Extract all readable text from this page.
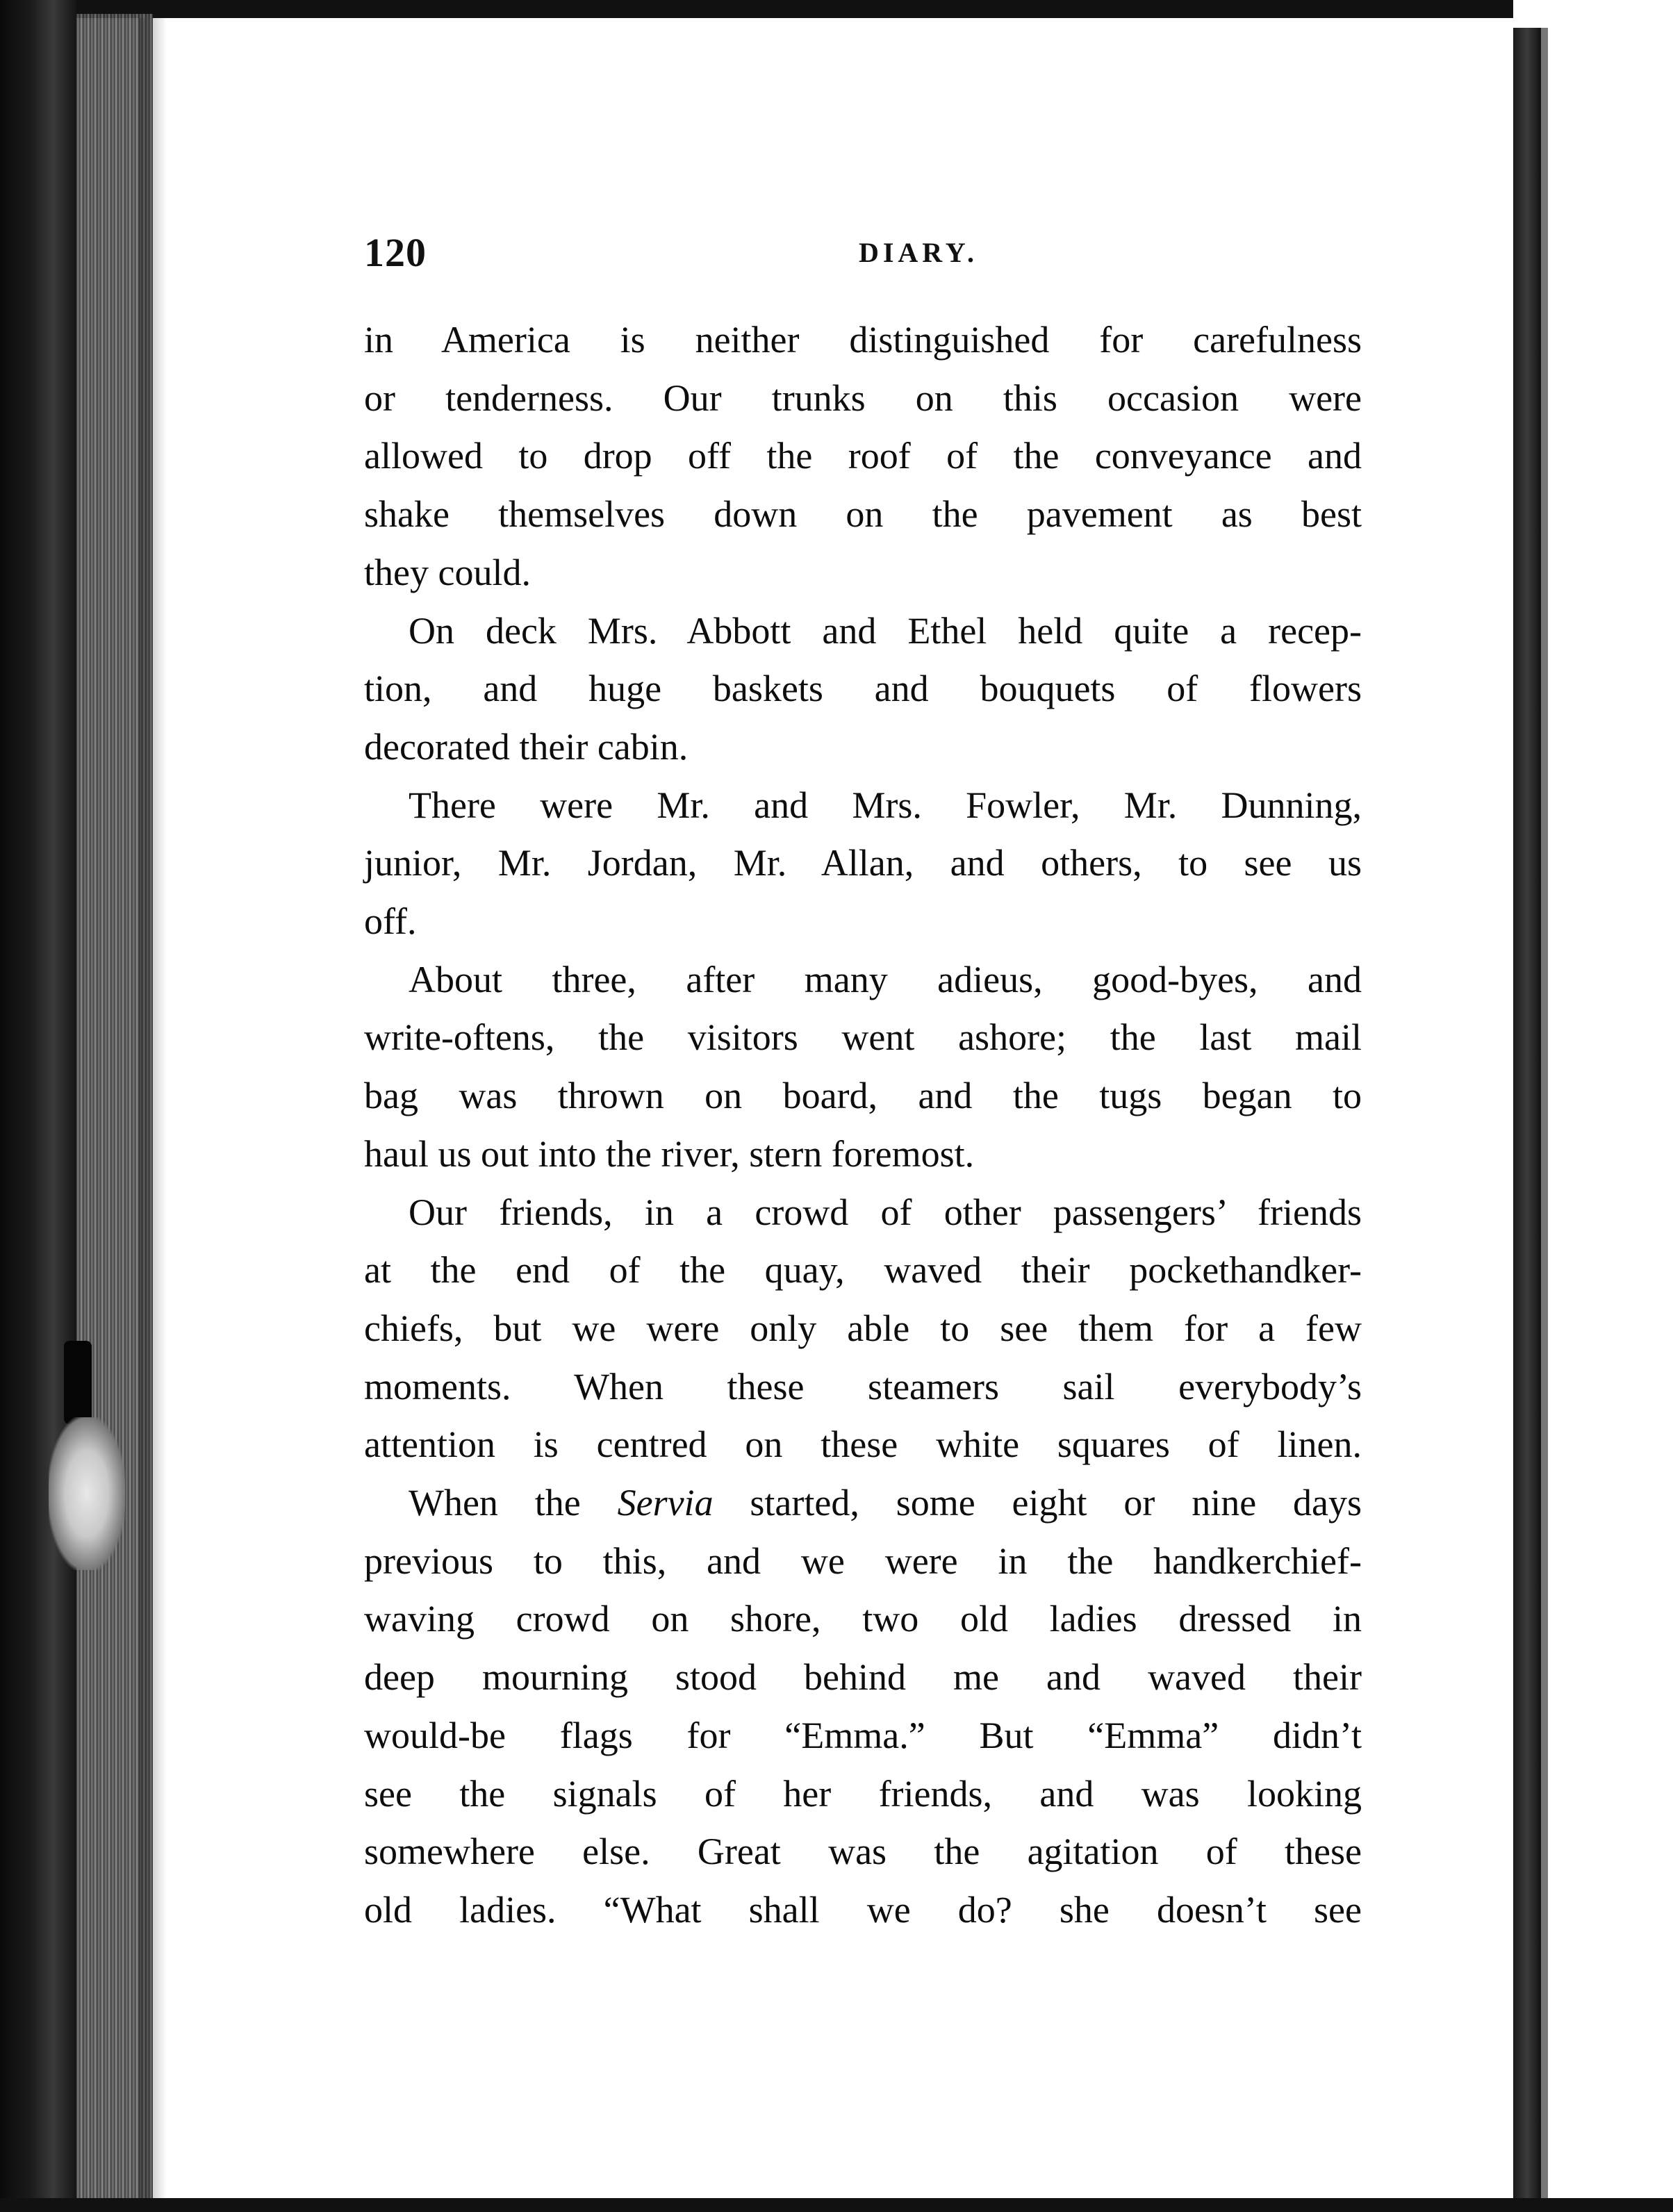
120	DIARY.

in America is neither distinguished for carefulness
or tenderness. Our trunks on this occasion were
allowed to drop off the roof of the conveyance and
shake themselves down on the pavement as best
they could.

On deck Mrs. Abbott and Ethel held quite a recep-
tion, and huge baskets and bouquets of flowers
decorated their cabin.

There were Mr. and Mrs. Fowler, Mr. Dunning,
junior, Mr. Jordan, Mr. Allan, and others, to see us
off.

About three, after many adieus, good-byes, and
write-oftens, the visitors went ashore; the last mail
bag was thrown on board, and the tugs began to
haul us out into the river, stern foremost.

Our friends, in a crowd of other passengers’ friends
at the end of the quay, waved their pockethandker-
chiefs, but we were only able to see them for a few
moments. When these steamers sail everybody’s
attention is centred on these white squares of linen.

When the Servia started, some eight or nine days
previous to this, and we were in the handkerchief-
waving crowd on shore, two old ladies dressed in
deep mourning stood behind me and waved their
would-be flags for “Emma.” But “Emma” didn’t
see the signals of her friends, and was looking
somewhere else. Great was the agitation of these
old ladies. “What shall we do? she doesn’t see
